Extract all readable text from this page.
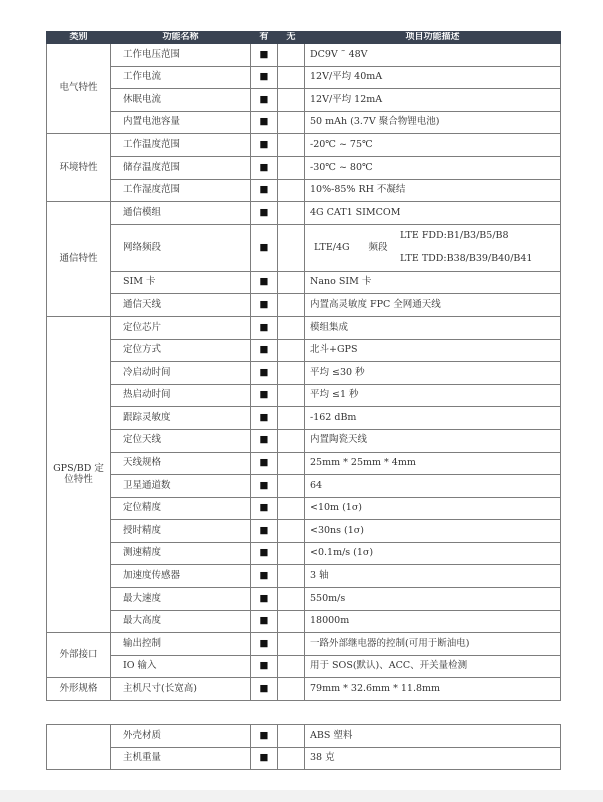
类别	功能名称	有	无	项目功能描述
电气特性	工作电压范围	■		DC9V ˜ 48V
工作电流	■		12V/平均 40mA
休眠电流	■		12V/平均 12mA
内置电池容量	■		50 mAh (3.7V 聚合物锂电池)
环境特性	工作温度范围	■		-20℃ ~ 75℃
储存温度范围	■		-30℃ ~ 80℃
工作湿度范围	■		10%-85% RH 不凝结
通信特性	通信模组	■		4G CAT1 SIMCOM
网络频段	■			LTE/4G	频段	LTE FDD:B1/B3/B5/B8
LTE TDD:B38/B39/B40/B41

SIM 卡	■		Nano SIM 卡
通信天线	■		内置高灵敏度 FPC 全网通天线
GPS/BD 定位特性	定位芯片	■		模组集成
定位方式	■		北斗+GPS
冷启动时间	■		平均 ≤30 秒
热启动时间	■		平均 ≤1 秒
跟踪灵敏度	■		-162 dBm
定位天线	■		内置陶瓷天线
天线规格	■		25mm * 25mm * 4mm
卫星通道数	■		64
定位精度	■		<10m (1σ)
授时精度	■		<30ns (1σ)
测速精度	■		<0.1m/s (1σ)
加速度传感器	■		3 轴
最大速度	■		550m/s
最大高度	■		18000m
外部接口	输出控制	■		一路外部继电器的控制(可用于断油电)
IO 输入	■		用于 SOS(默认)、ACC、开关量检测
外形规格	主机尺寸(长宽高)	■		79mm * 32.6mm * 11.8mm
	外壳材质	■		ABS 塑料
	主机重量	■		38 克
